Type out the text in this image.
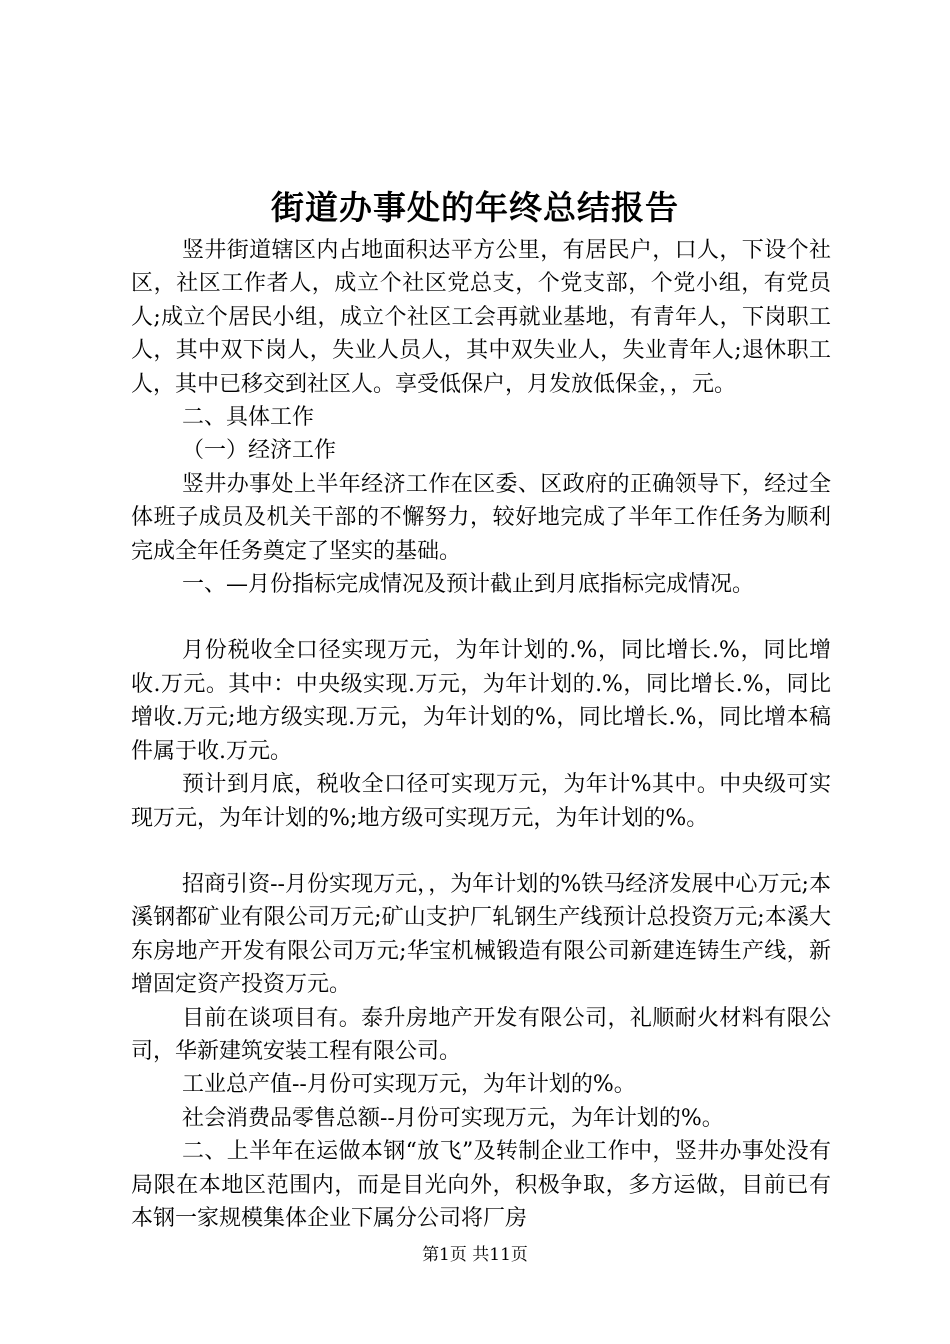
街道办事处的年终总结报告

竖井街道辖区内占地面积达平方公里，有居民户，口人，下设个社区，社区工作者人，成立个社区党总支，个党支部，个党小组，有党员人;成立个居民小组，成立个社区工会再就业基地，有青年人，下岗职工人，其中双下岗人，失业人员人，其中双失业人，失业青年人;退休职工人，其中已移交到社区人。享受低保户，月发放低保金，，元。

二、具体工作

（一）经济工作

竖井办事处上半年经济工作在区委、区政府的正确领导下，经过全体班子成员及机关干部的不懈努力，较好地完成了半年工作任务为顺利完成全年任务奠定了坚实的基础。

一、—月份指标完成情况及预计截止到月底指标完成情况。

月份税收全口径实现万元，为年计划的.%，同比增长.%，同比增收.万元。其中：中央级实现.万元，为年计划的.%，同比增长.%，同比增收.万元;地方级实现.万元，为年计划的%，同比增长.%，同比增本稿件属于收.万元。

预计到月底，税收全口径可实现万元，为年计%其中。中央级可实现万元，为年计划的%;地方级可实现万元，为年计划的%。

招商引资--月份实现万元，，为年计划的%铁马经济发展中心万元;本溪钢都矿业有限公司万元;矿山支护厂轧钢生产线预计总投资万元;本溪大东房地产开发有限公司万元;华宝机械锻造有限公司新建连铸生产线，新增固定资产投资万元。

目前在谈项目有。泰升房地产开发有限公司，礼顺耐火材料有限公司，华新建筑安装工程有限公司。

工业总产值--月份可实现万元，为年计划的%。

社会消费品零售总额--月份可实现万元，为年计划的%。

二、上半年在运做本钢“放飞”及转制企业工作中，竖井办事处没有局限在本地区范围内，而是目光向外，积极争取，多方运做，目前已有本钢一家规模集体企业下属分公司将厂房

第1页 共11页
